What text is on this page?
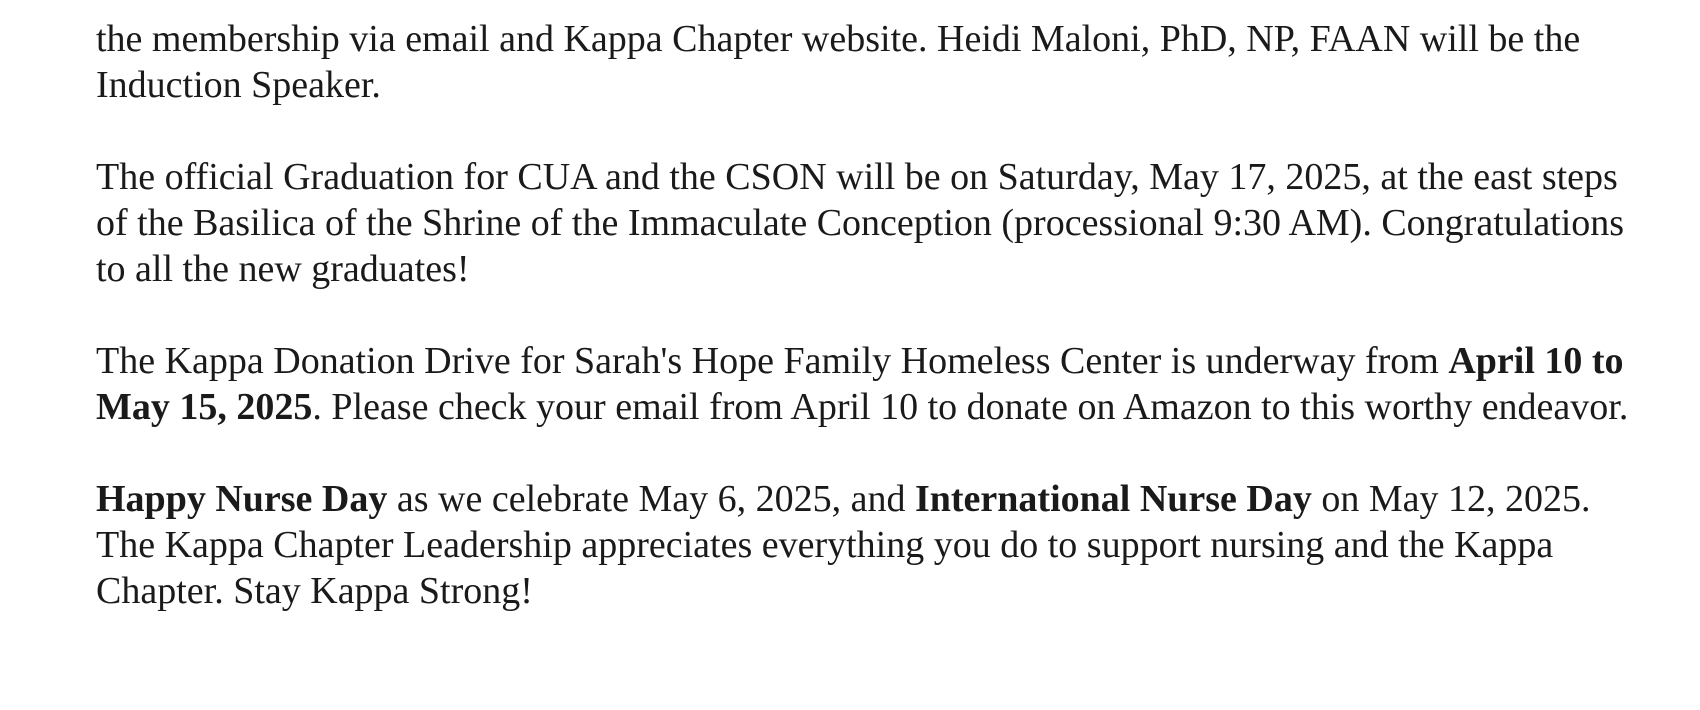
the membership via email and Kappa Chapter website. Heidi Maloni, PhD, NP, FAAN will be the Induction Speaker.

The official Graduation for CUA and the CSON will be on Saturday, May 17, 2025, at the east steps of the Basilica of the Shrine of the Immaculate Conception (processional 9:30 AM). Congratulations to all the new graduates!

The Kappa Donation Drive for Sarah's Hope Family Homeless Center is underway from April 10 to May 15, 2025. Please check your email from April 10 to donate on Amazon to this worthy endeavor.

Happy Nurse Day as we celebrate May 6, 2025, and International Nurse Day on May 12, 2025. The Kappa Chapter Leadership appreciates everything you do to support nursing and the Kappa Chapter. Stay Kappa Strong!
